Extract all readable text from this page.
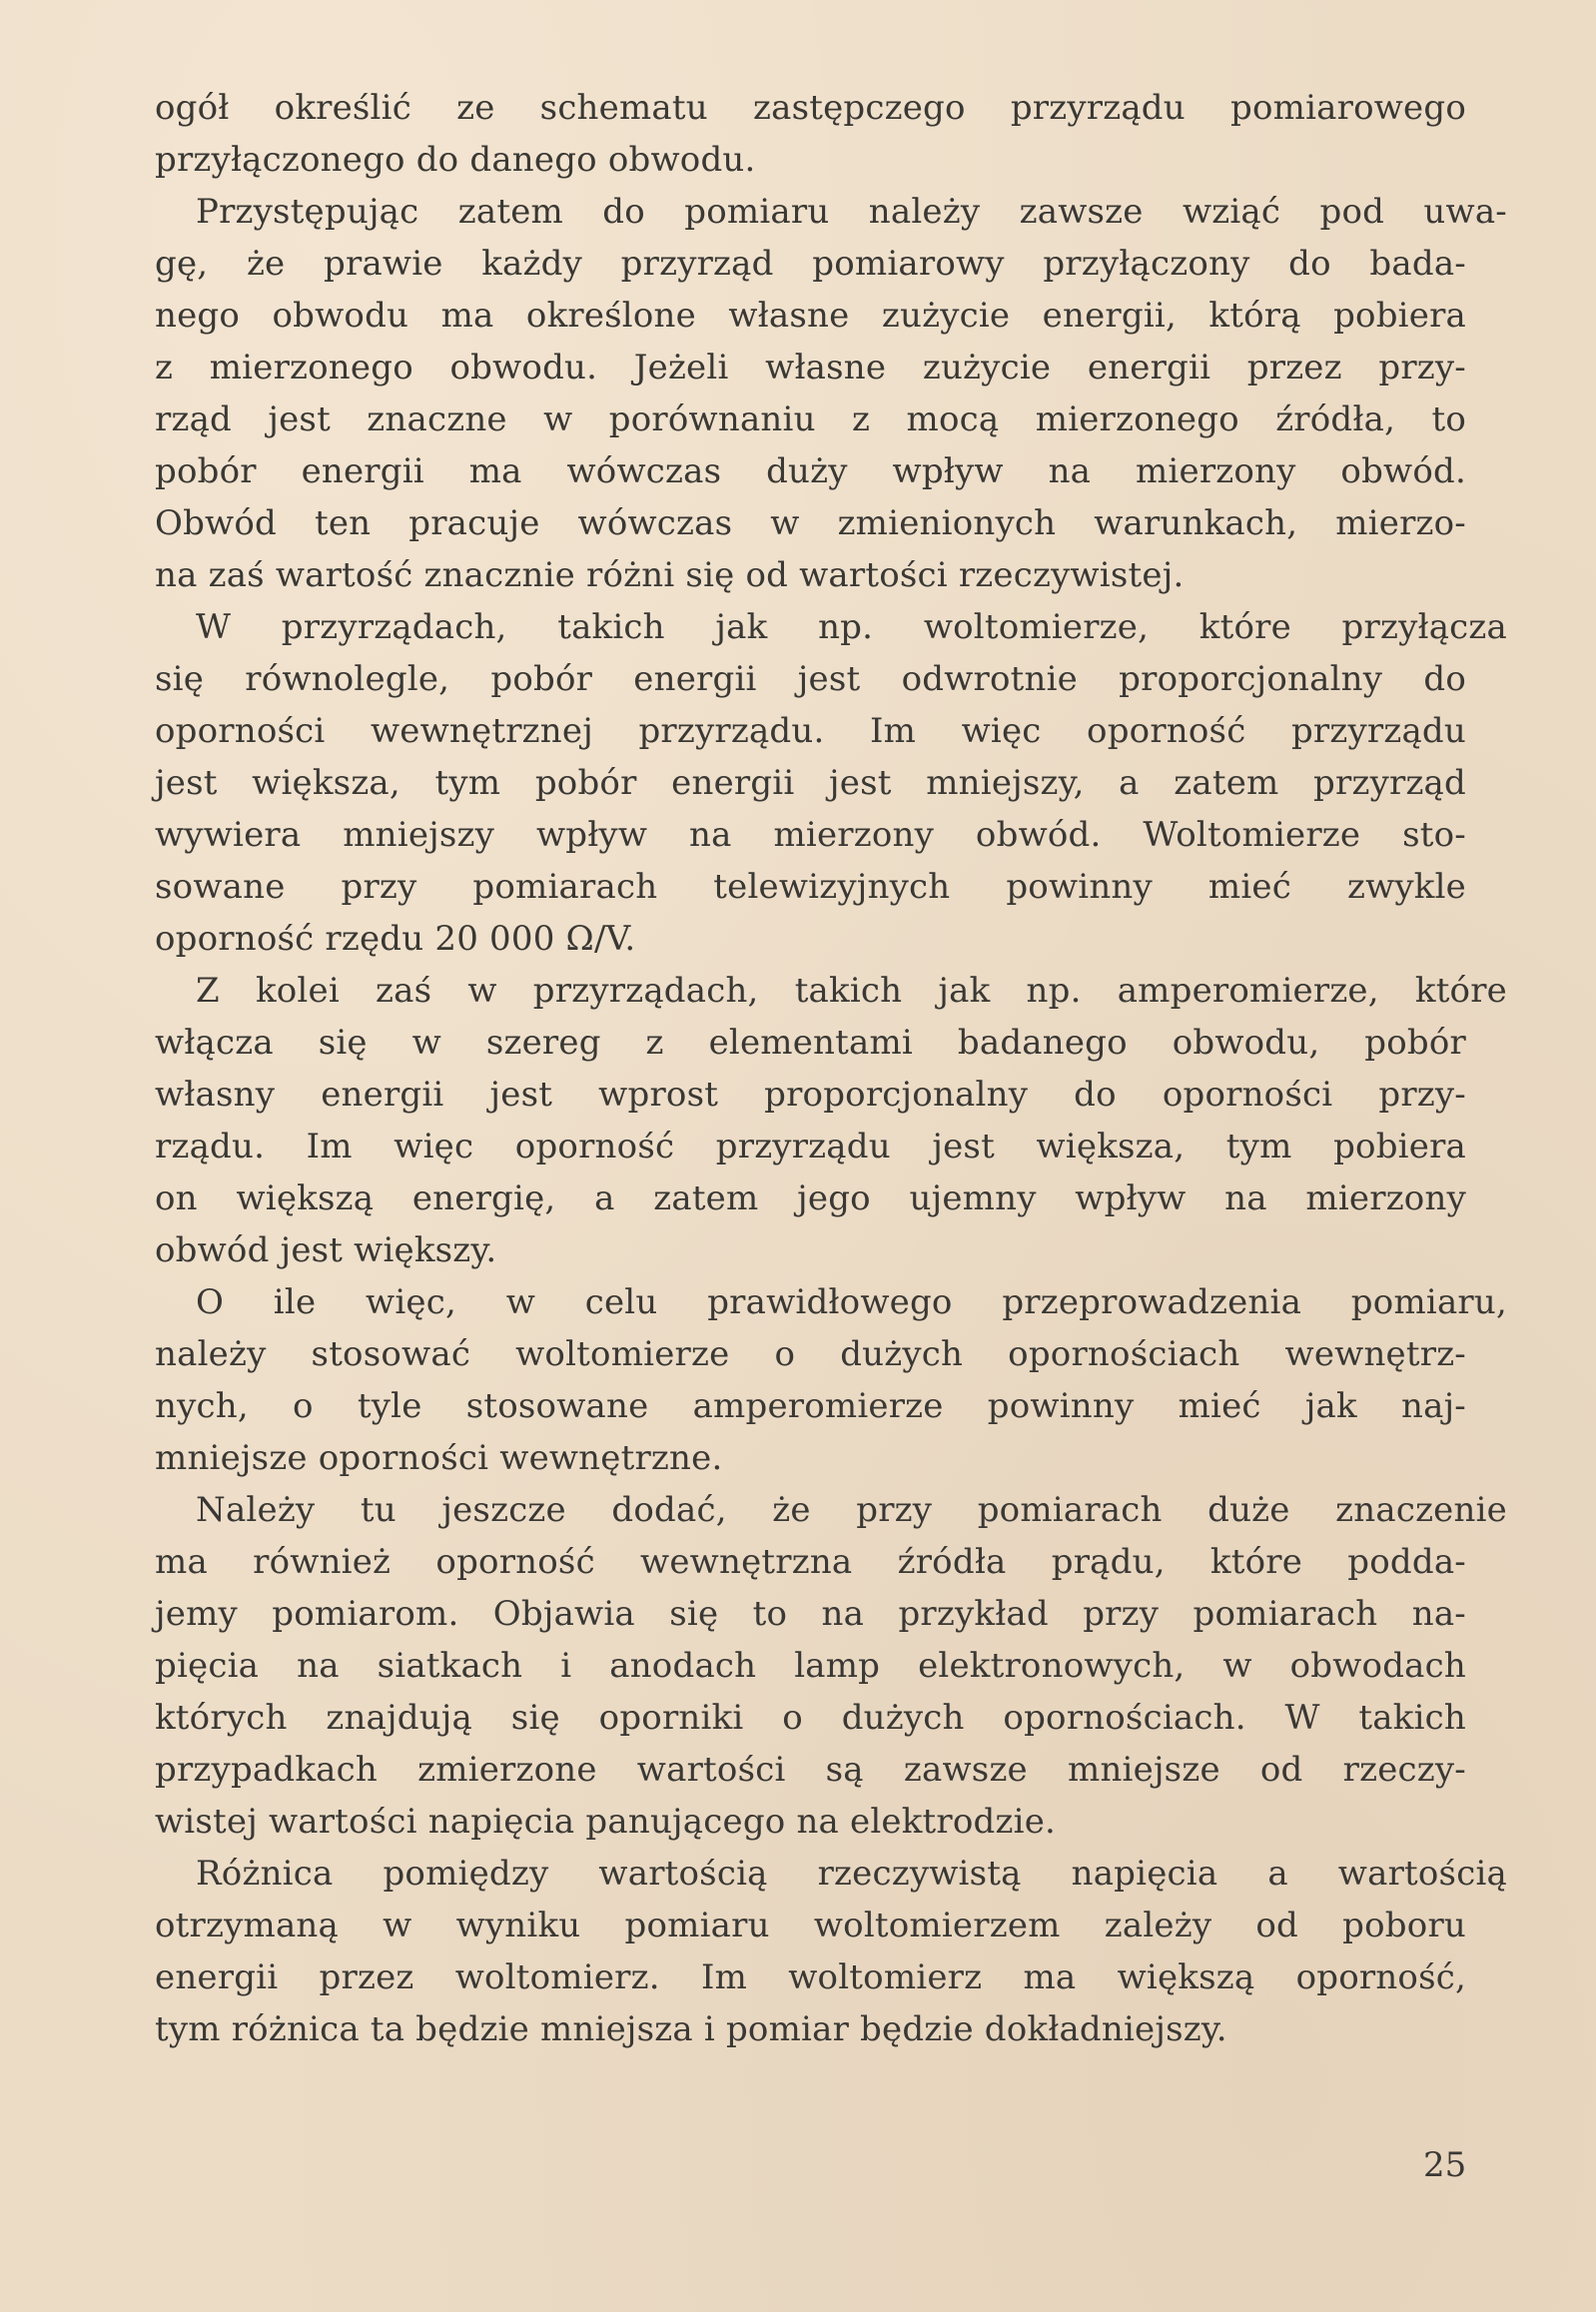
ogół określić ze schematu zastępczego przyrządu pomiarowego
przyłączonego do danego obwodu.
Przystępując zatem do pomiaru należy zawsze wziąć pod uwa-
gę, że prawie każdy przyrząd pomiarowy przyłączony do bada-
nego obwodu ma określone własne zużycie energii, którą pobiera
z mierzonego obwodu. Jeżeli własne zużycie energii przez przy-
rząd jest znaczne w porównaniu z mocą mierzonego źródła, to
pobór energii ma wówczas duży wpływ na mierzony obwód.
Obwód ten pracuje wówczas w zmienionych warunkach, mierzo-
na zaś wartość znacznie różni się od wartości rzeczywistej.
W przyrządach, takich jak np. woltomierze, które przyłącza
się równolegle, pobór energii jest odwrotnie proporcjonalny do
oporności wewnętrznej przyrządu. Im więc oporność przyrządu
jest większa, tym pobór energii jest mniejszy, a zatem przyrząd
wywiera mniejszy wpływ na mierzony obwód. Woltomierze sto-
sowane przy pomiarach telewizyjnych powinny mieć zwykle
oporność rzędu 20 000 Ω/V.
Z kolei zaś w przyrządach, takich jak np. amperomierze, które
włącza się w szereg z elementami badanego obwodu, pobór
własny energii jest wprost proporcjonalny do oporności przy-
rządu. Im więc oporność przyrządu jest większa, tym pobiera
on większą energię, a zatem jego ujemny wpływ na mierzony
obwód jest większy.
O ile więc, w celu prawidłowego przeprowadzenia pomiaru,
należy stosować woltomierze o dużych opornościach wewnętrz-
nych, o tyle stosowane amperomierze powinny mieć jak naj-
mniejsze oporności wewnętrzne.
Należy tu jeszcze dodać, że przy pomiarach duże znaczenie
ma również oporność wewnętrzna źródła prądu, które podda-
jemy pomiarom. Objawia się to na przykład przy pomiarach na-
pięcia na siatkach i anodach lamp elektronowych, w obwodach
których znajdują się oporniki o dużych opornościach. W takich
przypadkach zmierzone wartości są zawsze mniejsze od rzeczy-
wistej wartości napięcia panującego na elektrodzie.
Różnica pomiędzy wartością rzeczywistą napięcia a wartością
otrzymaną w wyniku pomiaru woltomierzem zależy od poboru
energii przez woltomierz. Im woltomierz ma większą oporność,
tym różnica ta będzie mniejsza i pomiar będzie dokładniejszy.
25
